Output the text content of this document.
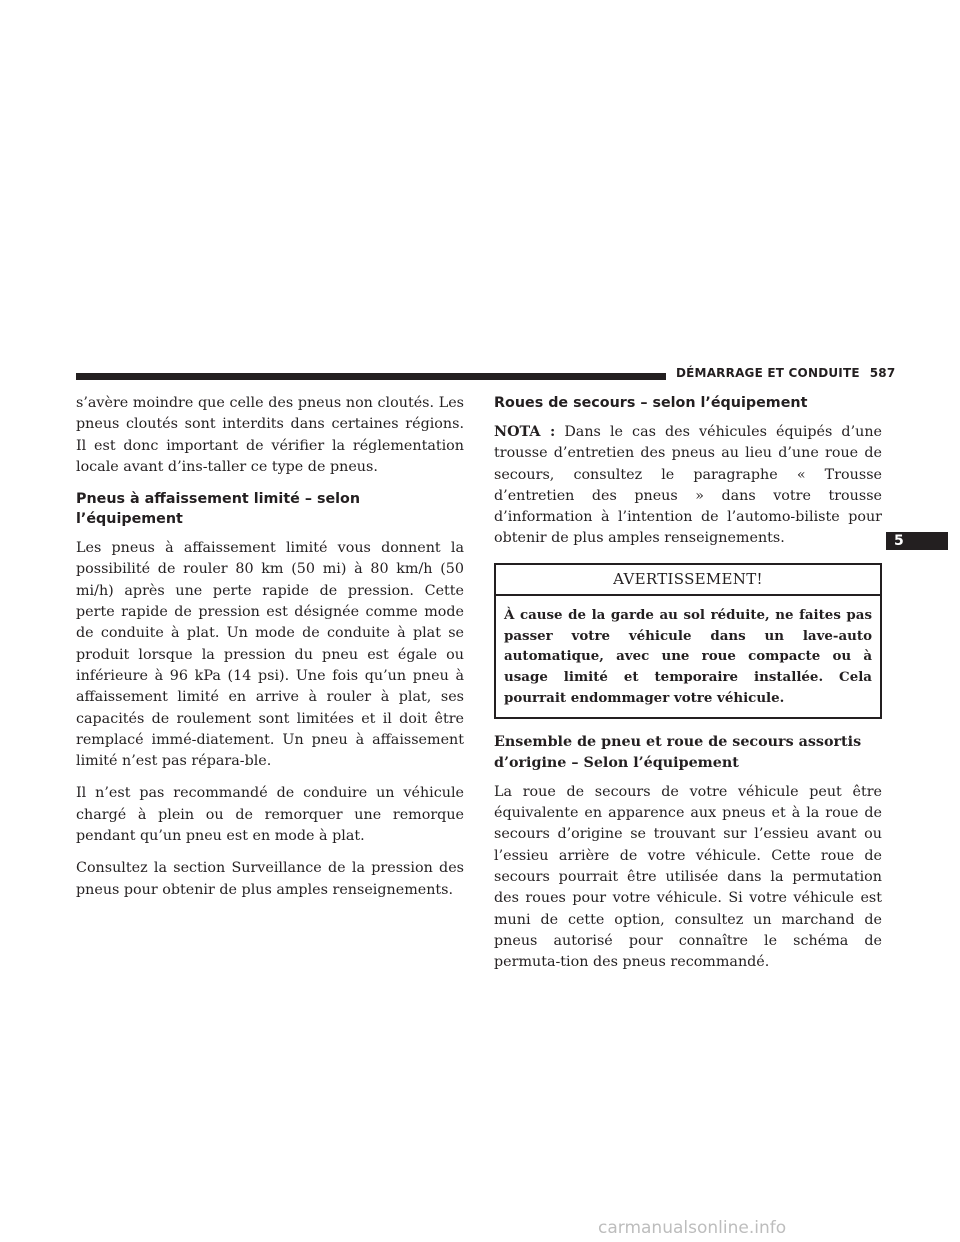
DÉMARRAGE ET CONDUITE 587

s’avère moindre que celle des pneus non cloutés. Les pneus cloutés sont interdits dans certaines régions. Il est donc important de vérifier la réglementation locale avant d’ins-taller ce type de pneus.

Pneus à affaissement limité – selon l’équipement

Les pneus à affaissement limité vous donnent la possibilité de rouler 80 km (50 mi) à 80 km/h (50 mi/h) après une perte rapide de pression. Cette perte rapide de pression est désignée comme mode de conduite à plat. Un mode de conduite à plat se produit lorsque la pression du pneu est égale ou inférieure à 96 kPa (14 psi). Une fois qu’un pneu à affaissement limité en arrive à rouler à plat, ses capacités de roulement sont limitées et il doit être remplacé immé-diatement. Un pneu à affaissement limité n’est pas répara-ble.

Il n’est pas recommandé de conduire un véhicule chargé à plein ou de remorquer une remorque pendant qu’un pneu est en mode à plat.

Consultez la section Surveillance de la pression des pneus pour obtenir de plus amples renseignements.

Roues de secours – selon l’équipement

NOTA : Dans le cas des véhicules équipés d’une trousse d’entretien des pneus au lieu d’une roue de secours, consultez le paragraphe « Trousse d’entretien des pneus » dans votre trousse d’information à l’intention de l’automo-biliste pour obtenir de plus amples renseignements.

AVERTISSEMENT!
À cause de la garde au sol réduite, ne faites pas passer votre véhicule dans un lave-auto automatique, avec une roue compacte ou à usage limité et temporaire installée. Cela pourrait endommager votre véhicule.
Ensemble de pneu et roue de secours assortis d’origine – Selon l’équipement

La roue de secours de votre véhicule peut être équivalente en apparence aux pneus et à la roue de secours d’origine se trouvant sur l’essieu avant ou l’essieu arrière de votre véhicule. Cette roue de secours pourrait être utilisée dans la permutation des roues pour votre véhicule. Si votre véhicule est muni de cette option, consultez un marchand de pneus autorisé pour connaître le schéma de permuta-tion des pneus recommandé.

5
carmanualsonline.info
